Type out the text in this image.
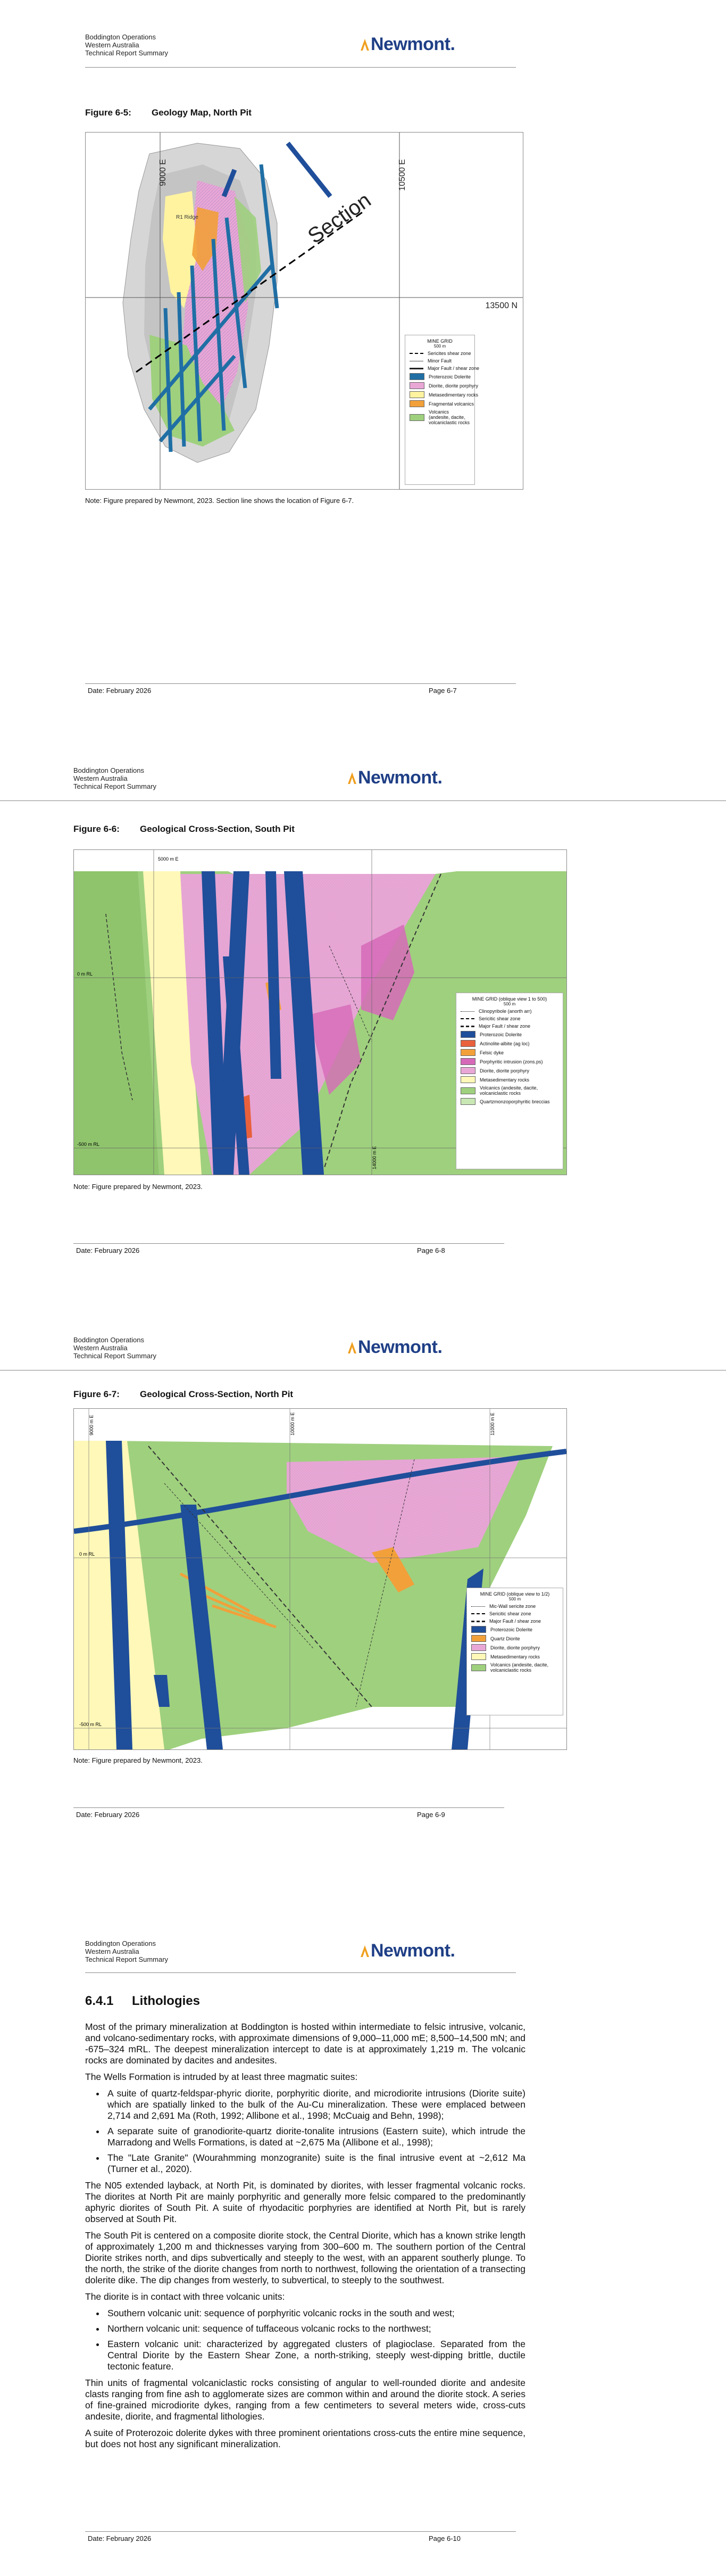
Boddington Operations
Western Australia
Technical Report Summary	Newmont.
Figure 6-5: Geology Map, North Pit
Section
9000 E	10500 E
13500 N
R1 Ridge
MINE GRID
500 m
Sericites shear zone
Minor Fault
Major Fault / shear zone
Proterozoic Dolerite
Diorite, diorite porphyry
Metasedimentary rocks
Fragmental volcanics
Volcanics (andesite, dacite, volcaniclastic rocks
Note: Figure prepared by Newmont, 2023. Section line shows the location of Figure 6-7.
Date: February 2026	Page 6-7
Boddington Operations
Western Australia
Technical Report Summary	Newmont.
Figure 6-6: Geological Cross-Section, South Pit
0 m RL
-500 m RL
5000 m E
14000 m E
MINE GRID (oblique view 1 to 500)
500 m
Clinopyribole (anorth arr)
Sericitic shear zone
Major Fault / shear zone
Proterozoic Dolerite
Actinolite-albite (ag loc)
Felsic dyke
Porphyritic intrusion (zons.ps)
Diorite, diorite porphyry
Metasedimentary rocks
Volcanics (andesite, dacite, volcaniclastic rocks
Quartzmonzoporphyritic breccias
Note: Figure prepared by Newmont, 2023.
Date: February 2026	Page 6-8
Boddington Operations
Western Australia
Technical Report Summary	Newmont.
Figure 6-7: Geological Cross-Section, North Pit
0 m RL
-500 m RL
9000 m E	10000 m E	11000 m E
MINE GRID (oblique view to 1/2)
500 m
Mic-Wall sericite zone
Sericitic shear zone
Major Fault / shear zone
Proterozoic Dolerite
Quartz Diorite
Diorite, diorite porphyry
Metasedimentary rocks
Volcanics (andesite, dacite, volcaniclastic rocks
Note: Figure prepared by Newmont, 2023.
Date: February 2026	Page 6-9
Boddington Operations
Western Australia
Technical Report Summary	Newmont.
6.4.1 Lithologies

Most of the primary mineralization at Boddington is hosted within intermediate to felsic intrusive, volcanic, and volcano-sedimentary rocks, with approximate dimensions of 9,000–11,000 mE; 8,500–14,500 mN; and -675–324 mRL. The deepest mineralization intercept to date is at approximately 1,219 m. The volcanic rocks are dominated by dacites and andesites.

The Wells Formation is intruded by at least three magmatic suites:

• A suite of quartz-feldspar-phyric diorite, porphyritic diorite, and microdiorite intrusions (Diorite suite) which are spatially linked to the bulk of the Au-Cu mineralization. These were emplaced between 2,714 and 2,691 Ma (Roth, 1992; Allibone et al., 1998; McCuaig and Behn, 1998);
• A separate suite of granodiorite-quartz diorite-tonalite intrusions (Eastern suite), which intrude the Marradong and Wells Formations, is dated at ~2,675 Ma (Allibone et al., 1998);
• The "Late Granite" (Wourahmming monzogranite) suite is the final intrusive event at ~2,612 Ma (Turner et al., 2020).

The N05 extended layback, at North Pit, is dominated by diorites, with lesser fragmental volcanic rocks. The diorites at North Pit are mainly porphyritic and generally more felsic compared to the predominantly aphyric diorites of South Pit. A suite of rhyodacitic porphyries are identified at North Pit, but is rarely observed at South Pit.

The South Pit is centered on a composite diorite stock, the Central Diorite, which has a known strike length of approximately 1,200 m and thicknesses varying from 300–600 m. The southern portion of the Central Diorite strikes north, and dips subvertically and steeply to the west, with an apparent southerly plunge. To the north, the strike of the diorite changes from north to northwest, following the orientation of a transecting dolerite dike. The dip changes from westerly, to subvertical, to steeply to the southwest.

The diorite is in contact with three volcanic units:

• Southern volcanic unit: sequence of porphyritic volcanic rocks in the south and west;
• Northern volcanic unit: sequence of tuffaceous volcanic rocks to the northwest;
• Eastern volcanic unit: characterized by aggregated clusters of plagioclase. Separated from the Central Diorite by the Eastern Shear Zone, a north-striking, steeply west-dipping brittle, ductile tectonic feature.

Thin units of fragmental volcaniclastic rocks consisting of angular to well-rounded diorite and andesite clasts ranging from fine ash to agglomerate sizes are common within and around the diorite stock. A series of fine-grained microdiorite dykes, ranging from a few centimeters to several meters wide, cross-cuts andesite, diorite, and fragmental lithologies.

A suite of Proterozoic dolerite dykes with three prominent orientations cross-cuts the entire mine sequence, but does not host any significant mineralization.

Date: February 2026	Page 6-10
